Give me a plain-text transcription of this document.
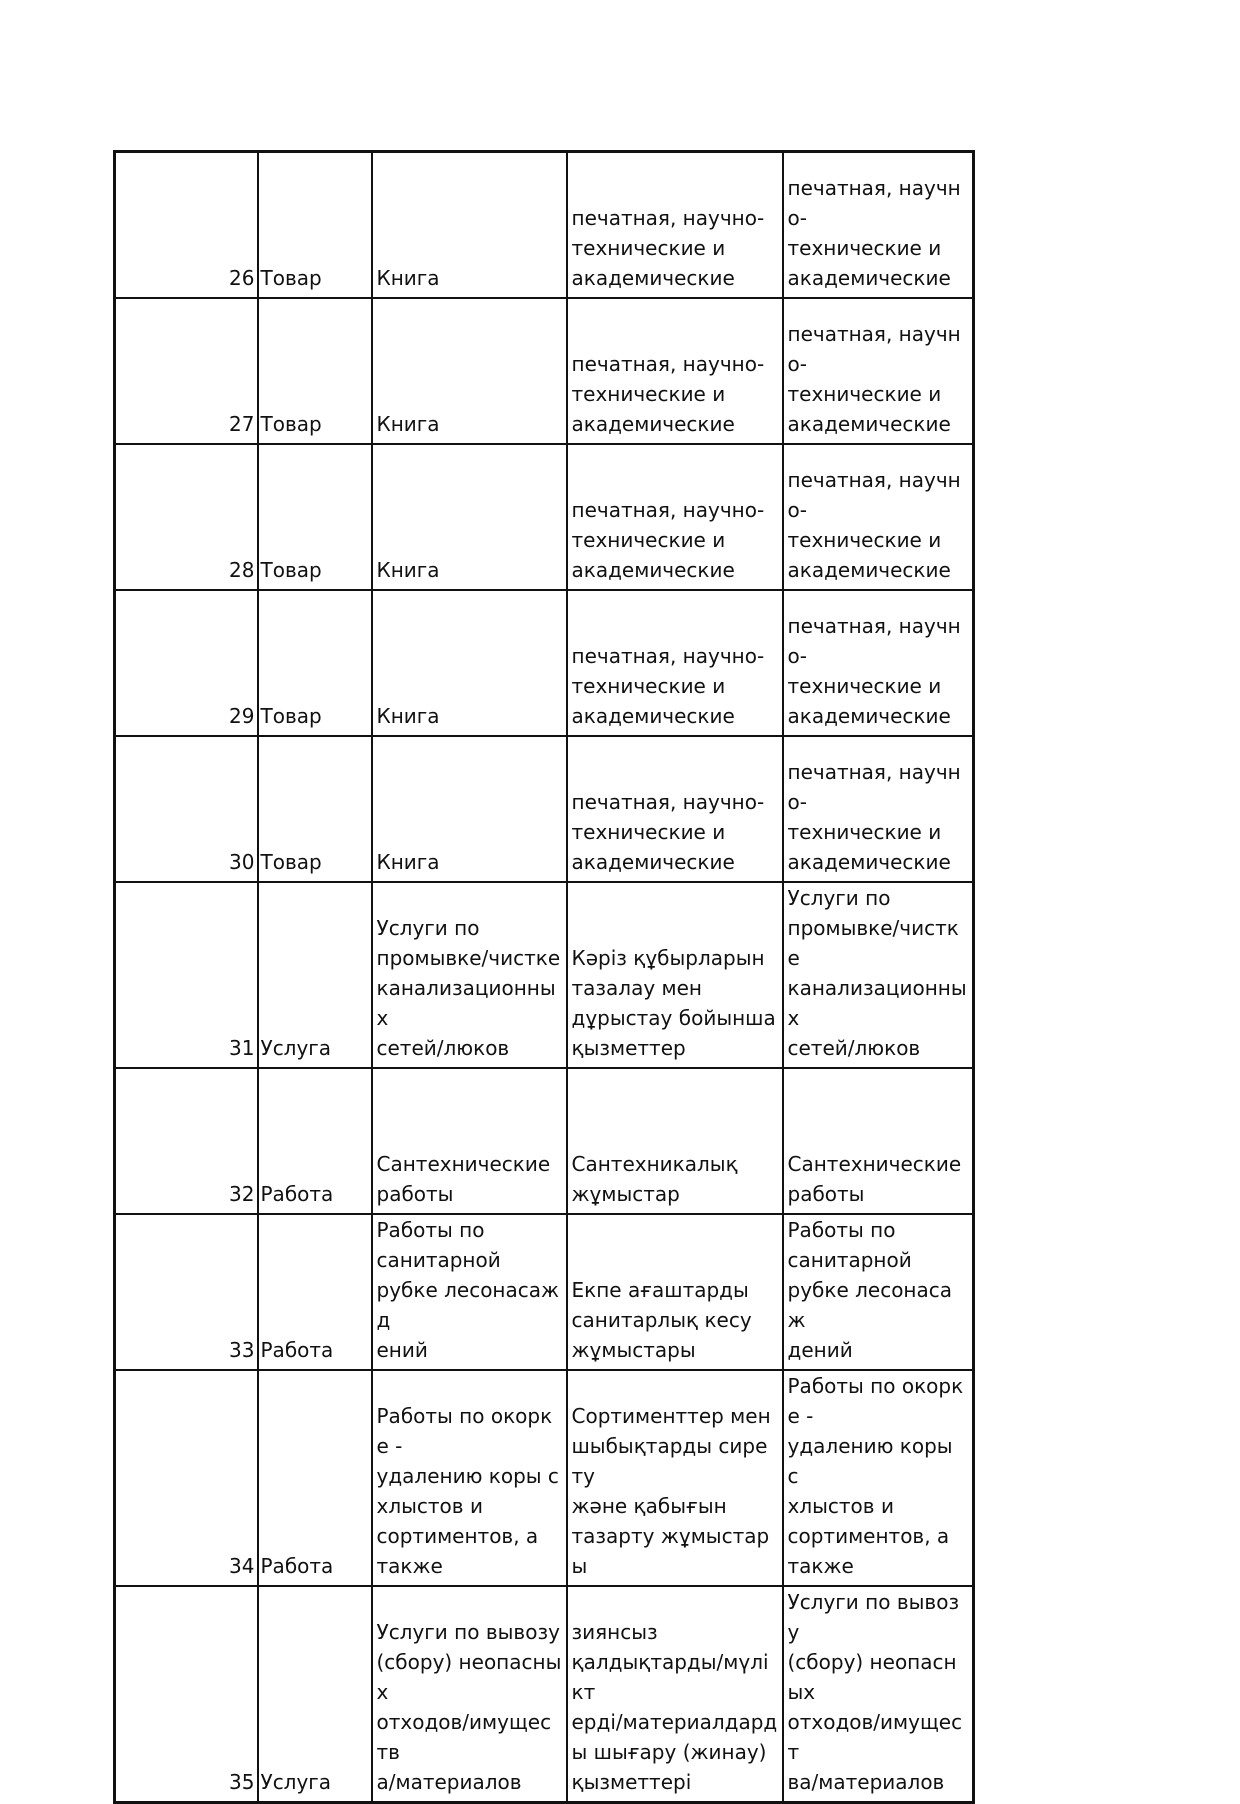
26	Товар	Книга	печатная, научно-
технические и
академические	печатная, научно-
технические и
академические

27	Товар	Книга	печатная, научно-
технические и
академические	печатная, научно-
технические и
академические

28	Товар	Книга	печатная, научно-
технические и
академические	печатная, научно-
технические и
академические

29	Товар	Книга	печатная, научно-
технические и
академические	печатная, научно-
технические и
академические

30	Товар	Книга	печатная, научно-
технические и
академические	печатная, научно-
технические и
академические

31	Услуга	Услуги по
промывке/чистке
канализационных
сетей/люков	Кәріз құбырларын
тазалау мен
дұрыстау бойынша
қызметтер	Услуги по
промывке/чистке
канализационных
сетей/люков

32	Работа	Сантехнические
работы	Сантехникалық
жұмыстар	Сантехнические
работы

33	Работа	Работы по
санитарной
рубке лесонасажд
ений	Екпе ағаштарды
санитарлық кесу
жұмыстары	Работы по
санитарной
рубке лесонасаж
дений

34	Работа	Работы по окорке -
удалению коры с
хлыстов и
сортиментов, а
также	Сортименттер мен
шыбықтарды сирету
және қабығын
тазарту жұмыстары	Работы по окорке -
удалению коры с
хлыстов и
сортиментов, а
также

35	Услуга	Услуги по вывозу
(сбору) неопасных
отходов/имуществ
а/материалов	зиянсыз
қалдықтарды/мүлікт
ерді/материалдард
ы шығару (жинау)
қызметтері	Услуги по вывозу
(сбору) неопасных
отходов/имущест
ва/материалов
